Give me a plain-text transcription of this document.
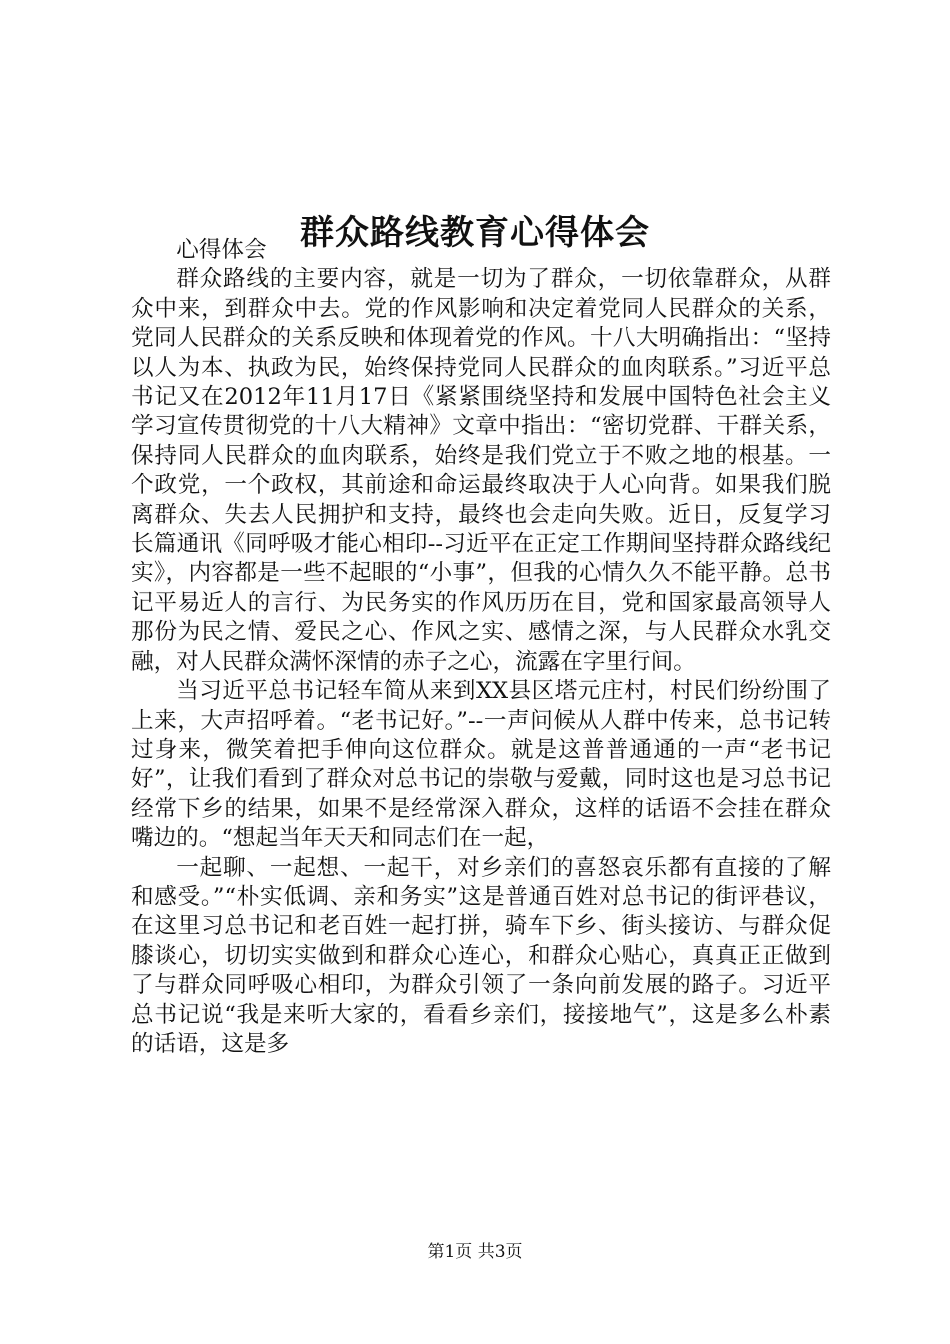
群众路线教育心得体会

心得体会

群众路线的主要内容，就是一切为了群众，一切依靠群众，从群众中来，到群众中去。党的作风影响和决定着党同人民群众的关系，党同人民群众的关系反映和体现着党的作风。十八大明确指出：“坚持以人为本、执政为民，始终保持党同人民群众的血肉联系。”习近平总书记又在2012年11月17日《紧紧围绕坚持和发展中国特色社会主义学习宣传贯彻党的十八大精神》文章中指出：“密切党群、干群关系，保持同人民群众的血肉联系，始终是我们党立于不败之地的根基。一个政党，一个政权，其前途和命运最终取决于人心向背。如果我们脱离群众、失去人民拥护和支持，最终也会走向失败。近日，反复学习长篇通讯《同呼吸才能心相印--习近平在正定工作期间坚持群众路线纪实》，内容都是一些不起眼的“小事”，但我的心情久久不能平静。总书记平易近人的言行、为民务实的作风历历在目，党和国家最高领导人那份为民之情、爱民之心、作风之实、感情之深，与人民群众水乳交融，对人民群众满怀深情的赤子之心，流露在字里行间。

当习近平总书记轻车简从来到XX县区塔元庄村，村民们纷纷围了上来，大声招呼着。“老书记好。”--一声问候从人群中传来，总书记转过身来，微笑着把手伸向这位群众。就是这普普通通的一声“老书记好”，让我们看到了群众对总书记的崇敬与爱戴，同时这也是习总书记经常下乡的结果，如果不是经常深入群众，这样的话语不会挂在群众嘴边的。“想起当年天天和同志们在一起，

一起聊、一起想、一起干，对乡亲们的喜怒哀乐都有直接的了解和感受。”“朴实低调、亲和务实”这是普通百姓对总书记的街评巷议，在这里习总书记和老百姓一起打拼，骑车下乡、街头接访、与群众促膝谈心，切切实实做到和群众心连心，和群众心贴心，真真正正做到了与群众同呼吸心相印，为群众引领了一条向前发展的路子。习近平总书记说“我是来听大家的，看看乡亲们，接接地气”，这是多么朴素的话语，这是多

第1页 共3页
